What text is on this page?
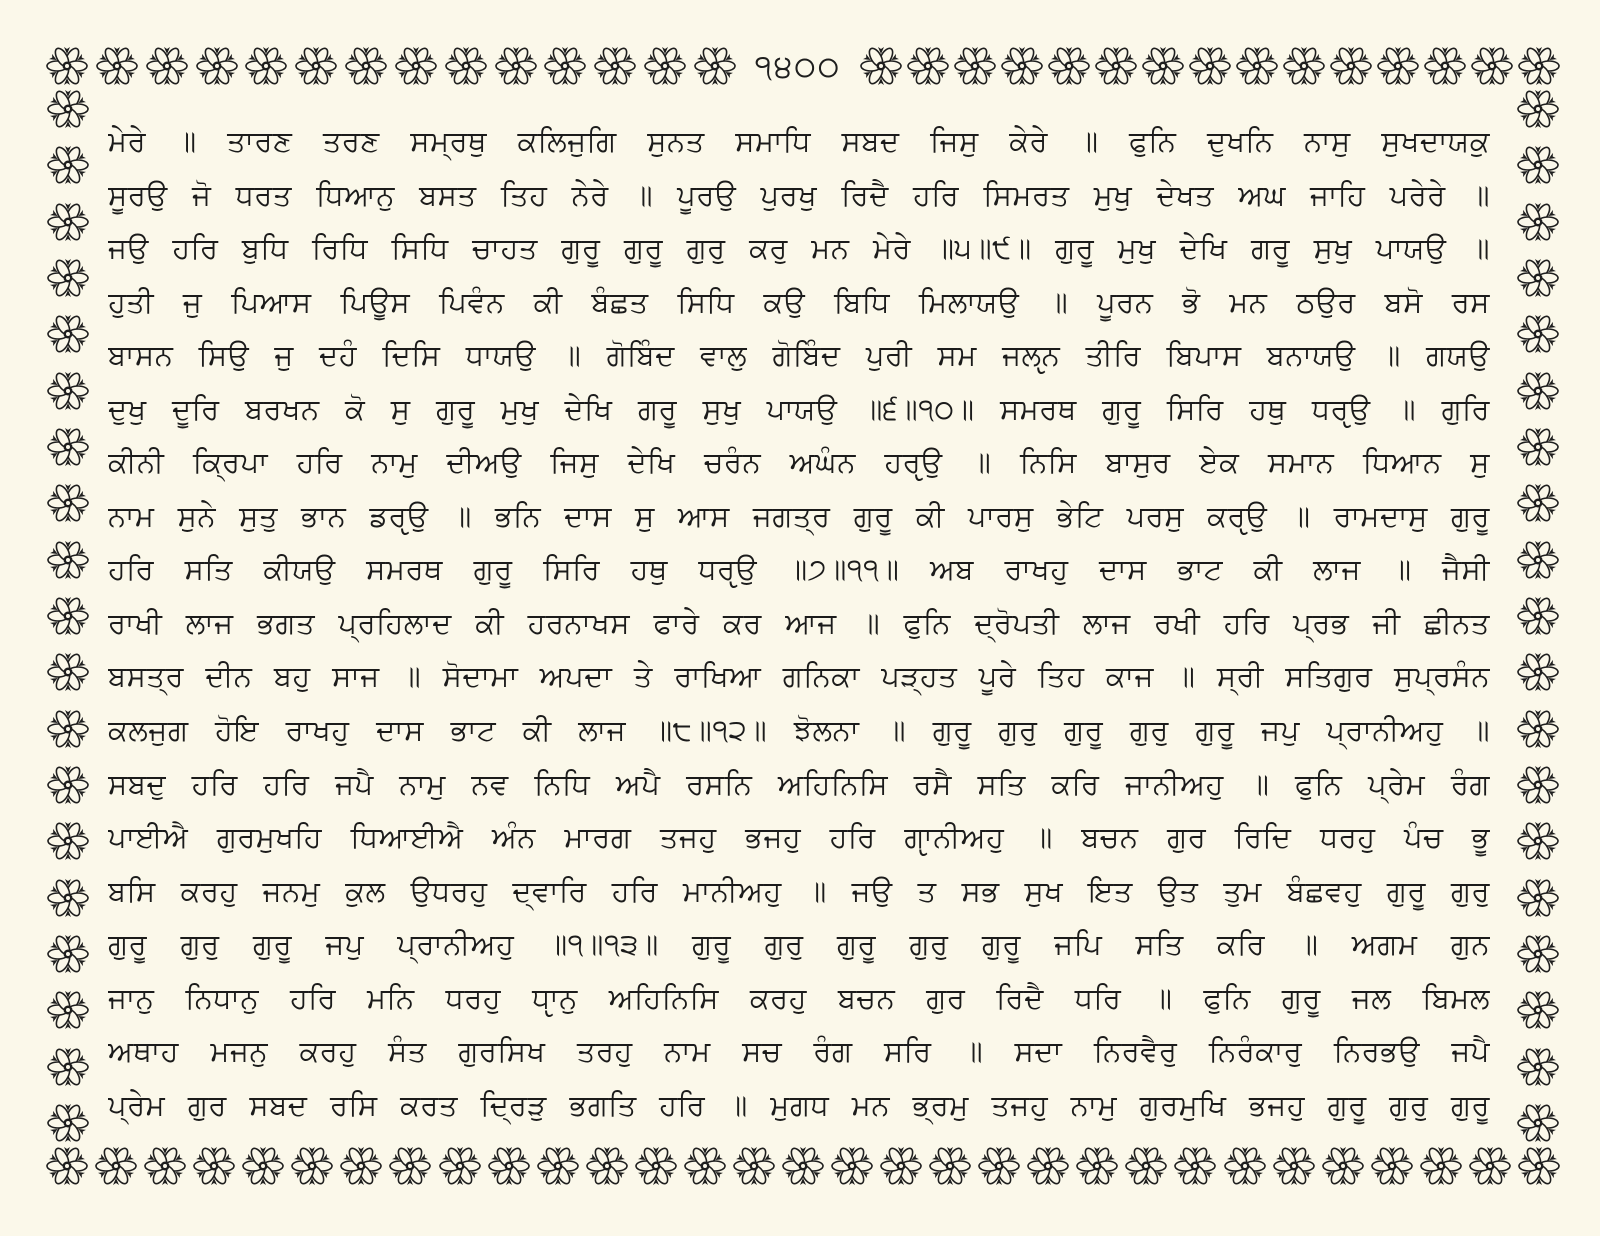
੧੪੦੦
ਮੇਰੇ ॥ ਤਾਰਣ ਤਰਣ ਸਮ੍ਰਥੁ ਕਲਿਜੁਗਿ ਸੁਨਤ ਸਮਾਧਿ ਸਬਦ ਜਿਸੁ ਕੇਰੇ ॥ ਫੁਨਿ ਦੁਖਨਿ ਨਾਸੁ ਸੁਖਦਾਯਕੁ
ਸੂਰਉ ਜੋ ਧਰਤ ਧਿਆਨੁ ਬਸਤ ਤਿਹ ਨੇਰੇ ॥ ਪੂਰਉ ਪੁਰਖੁ ਰਿਦੈ ਹਰਿ ਸਿਮਰਤ ਮੁਖੁ ਦੇਖਤ ਅਘ ਜਾਹਿ ਪਰੇਰੇ ॥
ਜਉ ਹਰਿ ਬੁਧਿ ਰਿਧਿ ਸਿਧਿ ਚਾਹਤ ਗੁਰੂ ਗੁਰੂ ਗੁਰੁ ਕਰੁ ਮਨ ਮੇਰੇ ॥੫॥੯॥ ਗੁਰੂ ਮੁਖੁ ਦੇਖਿ ਗਰੂ ਸੁਖੁ ਪਾਯਉ ॥
ਹੁਤੀ ਜੁ ਪਿਆਸ ਪਿਊਸ ਪਿਵੰਨ ਕੀ ਬੰਛਤ ਸਿਧਿ ਕਉ ਬਿਧਿ ਮਿਲਾਯਉ ॥ ਪੂਰਨ ਭੋ ਮਨ ਠਉਰ ਬਸੋ ਰਸ
ਬਾਸਨ ਸਿਉ ਜੁ ਦਹੰ ਦਿਸਿ ਧਾਯਉ ॥ ਗੋਬਿੰਦ ਵਾਲੁ ਗੋਬਿੰਦ ਪੁਰੀ ਸਮ ਜਲੵਨ ਤੀਰਿ ਬਿਪਾਸ ਬਨਾਯਉ ॥ ਗਯਉ
ਦੁਖੁ ਦੂਰਿ ਬਰਖਨ ਕੋ ਸੁ ਗੁਰੂ ਮੁਖੁ ਦੇਖਿ ਗਰੂ ਸੁਖੁ ਪਾਯਉ ॥੬॥੧੦॥ ਸਮਰਥ ਗੁਰੂ ਸਿਰਿ ਹਥੁ ਧਰੵਉ ॥ ਗੁਰਿ
ਕੀਨੀ ਕ੍ਰਿਪਾ ਹਰਿ ਨਾਮੁ ਦੀਅਉ ਜਿਸੁ ਦੇਖਿ ਚਰੰਨ ਅਘੰਨ ਹਰੵਉ ॥ ਨਿਸਿ ਬਾਸੁਰ ਏਕ ਸਮਾਨ ਧਿਆਨ ਸੁ
ਨਾਮ ਸੁਨੇ ਸੁਤੁ ਭਾਨ ਡਰੵਉ ॥ ਭਨਿ ਦਾਸ ਸੁ ਆਸ ਜਗਤ੍ਰ ਗੁਰੂ ਕੀ ਪਾਰਸੁ ਭੇਟਿ ਪਰਸੁ ਕਰੵਉ ॥ ਰਾਮਦਾਸੁ ਗੁਰੂ
ਹਰਿ ਸਤਿ ਕੀਯਉ ਸਮਰਥ ਗੁਰੂ ਸਿਰਿ ਹਥੁ ਧਰੵਉ ॥੭॥੧੧॥ ਅਬ ਰਾਖਹੁ ਦਾਸ ਭਾਟ ਕੀ ਲਾਜ ॥ ਜੈਸੀ
ਰਾਖੀ ਲਾਜ ਭਗਤ ਪ੍ਰਹਿਲਾਦ ਕੀ ਹਰਨਾਖਸ ਫਾਰੇ ਕਰ ਆਜ ॥ ਫੁਨਿ ਦ੍ਰੋਪਤੀ ਲਾਜ ਰਖੀ ਹਰਿ ਪ੍ਰਭ ਜੀ ਛੀਨਤ
ਬਸਤ੍ਰ ਦੀਨ ਬਹੁ ਸਾਜ ॥ ਸੋਦਾਮਾ ਅਪਦਾ ਤੇ ਰਾਖਿਆ ਗਨਿਕਾ ਪੜ੍ਹਤ ਪੂਰੇ ਤਿਹ ਕਾਜ ॥ ਸ੍ਰੀ ਸਤਿਗੁਰ ਸੁਪ੍ਰਸੰਨ
ਕਲਜੁਗ ਹੋਇ ਰਾਖਹੁ ਦਾਸ ਭਾਟ ਕੀ ਲਾਜ ॥੮॥੧੨॥ ਝੋਲਨਾ ॥ ਗੁਰੂ ਗੁਰੁ ਗੁਰੂ ਗੁਰੁ ਗੁਰੂ ਜਪੁ ਪ੍ਰਾਨੀਅਹੁ ॥
ਸਬਦੁ ਹਰਿ ਹਰਿ ਜਪੈ ਨਾਮੁ ਨਵ ਨਿਧਿ ਅਪੈ ਰਸਨਿ ਅਹਿਨਿਸਿ ਰਸੈ ਸਤਿ ਕਰਿ ਜਾਨੀਅਹੁ ॥ ਫੁਨਿ ਪ੍ਰੇਮ ਰੰਗ
ਪਾਈਐ ਗੁਰਮੁਖਹਿ ਧਿਆਈਐ ਅੰਨ ਮਾਰਗ ਤਜਹੁ ਭਜਹੁ ਹਰਿ ਗੵਾਨੀਅਹੁ ॥ ਬਚਨ ਗੁਰ ਰਿਦਿ ਧਰਹੁ ਪੰਚ ਭੂ
ਬਸਿ ਕਰਹੁ ਜਨਮੁ ਕੁਲ ਉਧਰਹੁ ਦ੍ਵਾਰਿ ਹਰਿ ਮਾਨੀਅਹੁ ॥ ਜਉ ਤ ਸਭ ਸੁਖ ਇਤ ਉਤ ਤੁਮ ਬੰਛਵਹੁ ਗੁਰੂ ਗੁਰੁ
ਗੁਰੂ ਗੁਰੁ ਗੁਰੂ ਜਪੁ ਪ੍ਰਾਨੀਅਹੁ ॥੧॥੧੩॥ ਗੁਰੂ ਗੁਰੁ ਗੁਰੂ ਗੁਰੁ ਗੁਰੂ ਜਪਿ ਸਤਿ ਕਰਿ ॥ ਅਗਮ ਗੁਨ
ਜਾਨੁ ਨਿਧਾਨੁ ਹਰਿ ਮਨਿ ਧਰਹੁ ਧੵਾਨੁ ਅਹਿਨਿਸਿ ਕਰਹੁ ਬਚਨ ਗੁਰ ਰਿਦੈ ਧਰਿ ॥ ਫੁਨਿ ਗੁਰੂ ਜਲ ਬਿਮਲ
ਅਥਾਹ ਮਜਨੁ ਕਰਹੁ ਸੰਤ ਗੁਰਸਿਖ ਤਰਹੁ ਨਾਮ ਸਚ ਰੰਗ ਸਰਿ ॥ ਸਦਾ ਨਿਰਵੈਰੁ ਨਿਰੰਕਾਰੁ ਨਿਰਭਉ ਜਪੈ
ਪ੍ਰੇਮ ਗੁਰ ਸਬਦ ਰਸਿ ਕਰਤ ਦ੍ਰਿੜੁ ਭਗਤਿ ਹਰਿ ॥ ਮੁਗਧ ਮਨ ਭ੍ਰਮੁ ਤਜਹੁ ਨਾਮੁ ਗੁਰਮੁਖਿ ਭਜਹੁ ਗੁਰੂ ਗੁਰੁ ਗੁਰੂ
